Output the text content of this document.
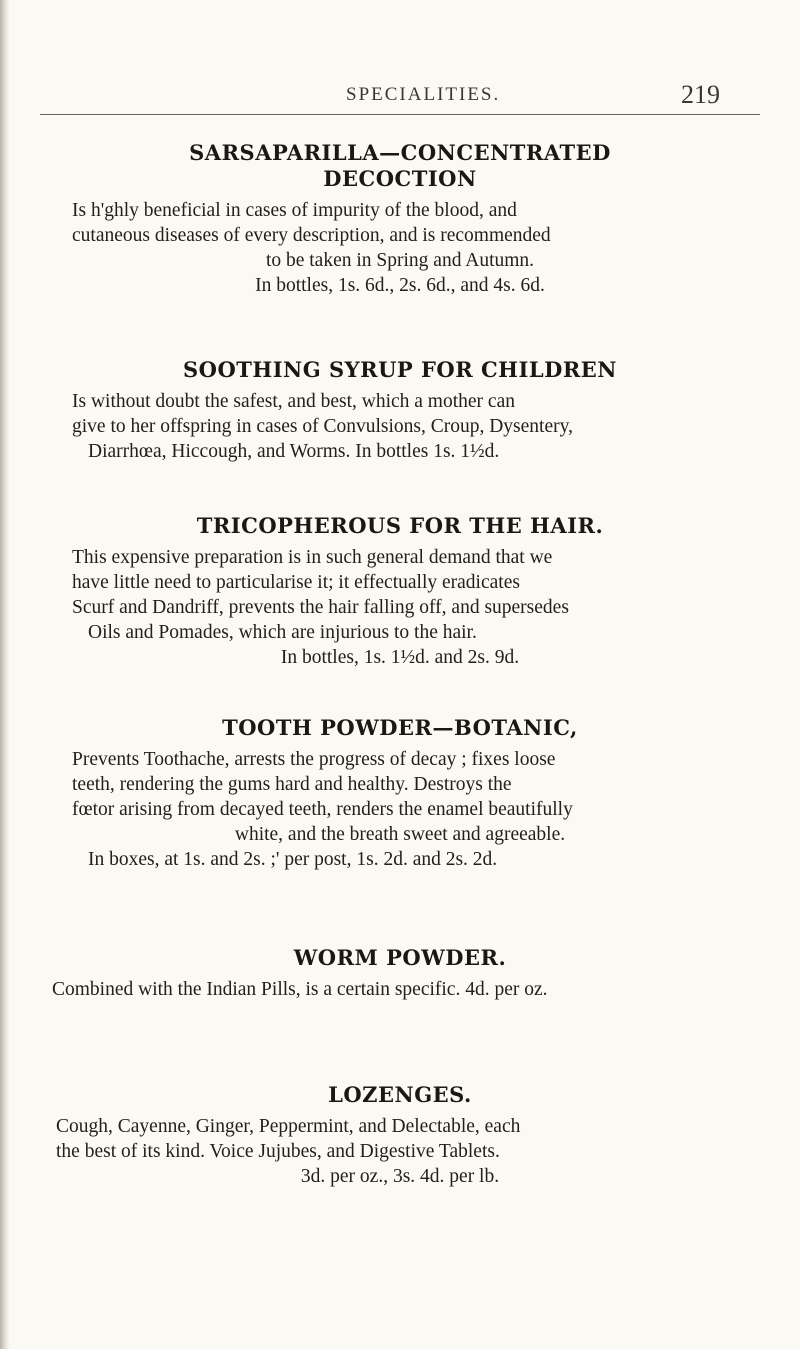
SPECIALITIES.	219
SARSAPARILLA—CONCENTRATED
DECOCTION
Is h'ghly beneficial in cases of impurity of the blood, and
cutaneous diseases of every description, and is recommended
to be taken in Spring and Autumn.
In bottles, 1s. 6d., 2s. 6d., and 4s. 6d.
SOOTHING SYRUP FOR CHILDREN
Is without doubt the safest, and best, which a mother can
give to her offspring in cases of Convulsions, Croup, Dysentery,
Diarrhœa, Hiccough, and Worms. In bottles 1s. 1½d.
TRICOPHEROUS FOR THE HAIR.
This expensive preparation is in such general demand that we
have little need to particularise it; it effectually eradicates
Scurf and Dandriff, prevents the hair falling off, and supersedes
Oils and Pomades, which are injurious to the hair.
In bottles, 1s. 1½d. and 2s. 9d.
TOOTH POWDER—BOTANIC,
Prevents Toothache, arrests the progress of decay ; fixes loose
teeth, rendering the gums hard and healthy. Destroys the
fœtor arising from decayed teeth, renders the enamel beautifully
white, and the breath sweet and agreeable.
In boxes, at 1s. and 2s. ;' per post, 1s. 2d. and 2s. 2d.
WORM POWDER.
Combined with the Indian Pills, is a certain specific. 4d. per oz.
LOZENGES.
Cough, Cayenne, Ginger, Peppermint, and Delectable, each
the best of its kind. Voice Jujubes, and Digestive Tablets.
3d. per oz., 3s. 4d. per lb.
